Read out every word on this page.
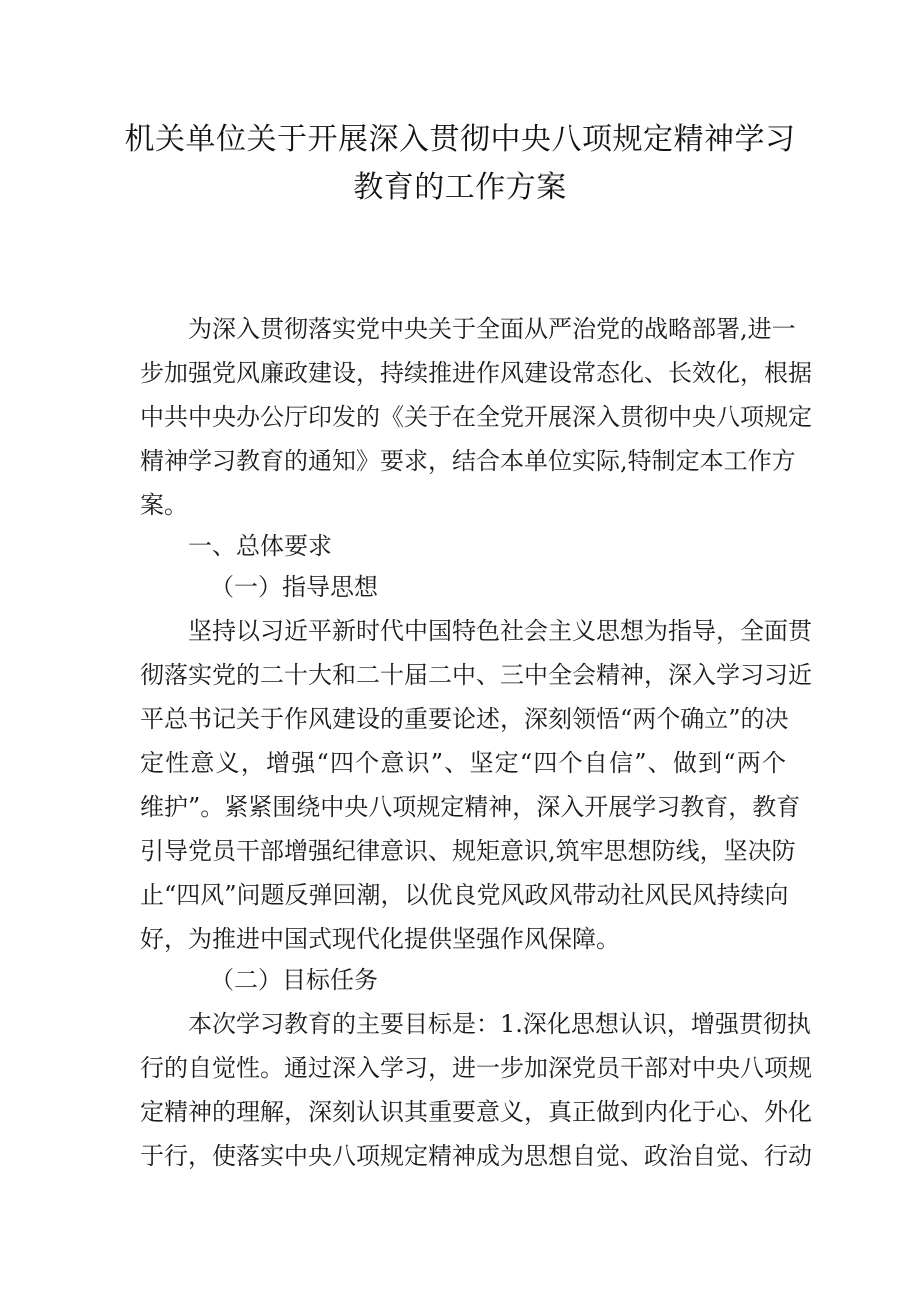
机关单位关于开展深入贯彻中央八项规定精神学习
教育的工作方案
为深入贯彻落实党中央关于全面从严治党的战略部署,进一
步加强党风廉政建设，持续推进作风建设常态化、长效化，根据
中共中央办公厅印发的《关于在全党开展深入贯彻中央八项规定
精神学习教育的通知》要求，结合本单位实际,特制定本工作方
案。
一、总体要求
（一）指导思想
坚持以习近平新时代中国特色社会主义思想为指导，全面贯
彻落实党的二十大和二十届二中、三中全会精神，深入学习习近
平总书记关于作风建设的重要论述，深刻领悟“两个确立”的决
定性意义，增强“四个意识”、坚定“四个自信”、做到“两个
维护”。紧紧围绕中央八项规定精神，深入开展学习教育，教育
引导党员干部增强纪律意识、规矩意识,筑牢思想防线，坚决防
止“四风”问题反弹回潮，以优良党风政风带动社风民风持续向
好，为推进中国式现代化提供坚强作风保障。
（二）目标任务
本次学习教育的主要目标是：1.深化思想认识，增强贯彻执
行的自觉性。通过深入学习，进一步加深党员干部对中央八项规
定精神的理解，深刻认识其重要意义，真正做到内化于心、外化
于行，使落实中央八项规定精神成为思想自觉、政治自觉、行动
